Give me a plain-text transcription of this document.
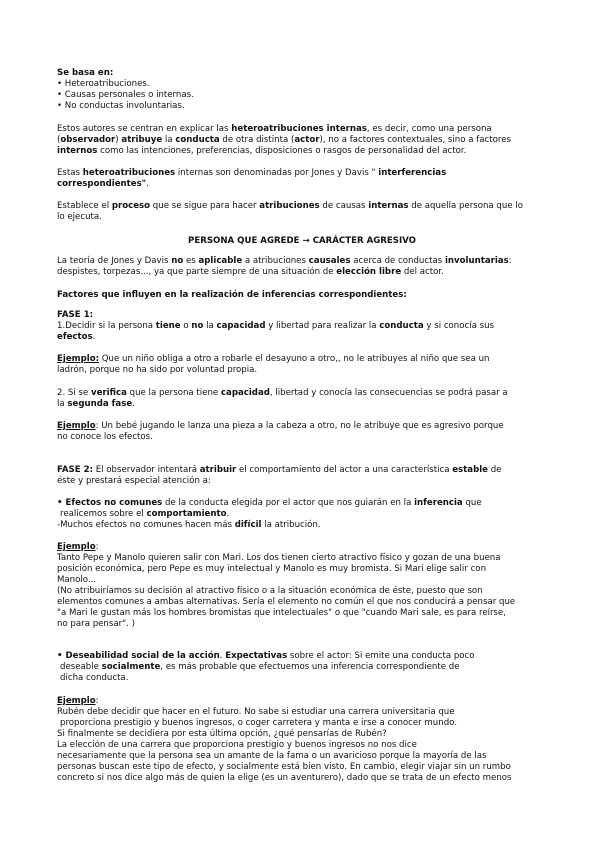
Se basa en:
• Heteroatribuciones.
• Causas personales o internas.
• No conductas involuntarias.
Estos autores se centran en explicar las heteroatribuciones internas, es decir, como una persona
(observador) atribuye la conducta de otra distinta (actor), no a factores contextuales, sino a factores
internos como las intenciones, preferencias, disposiciones o rasgos de personalidad del actor.
Estas heteroatribuciones internas son denominadas por Jones y Davis " interferencias
correspondientes".
Establece el proceso que se sigue para hacer atribuciones de causas internas de aquella persona que lo
lo ejecuta.
PERSONA QUE AGREDE → CARÁCTER AGRESIVO
La teoría de Jones y Davis no es aplicable a atribuciones causales acerca de conductas involuntarias:
despistes, torpezas..., ya que parte siempre de una situación de elección libre del actor.
Factores que influyen en la realización de inferencias correspondientes:
FASE 1:
1.Decidir si la persona tiene o no la capacidad y libertad para realizar la conducta y si conocía sus
efectos.
Ejemplo: Que un niño obliga a otro a robarle el desayuno a otro,, no le atribuyes al niño que sea un
ladrón, porque no ha sido por voluntad propia.
2. Si se verifica que la persona tiene capacidad, libertad y conocía las consecuencias se podrá pasar a
la segunda fase.
Ejemplo: Un bebé jugando le lanza una pieza a la cabeza a otro, no le atribuye que es agresivo porque
no conoce los efectos.
FASE 2: El observador intentará atribuir el comportamiento del actor a una característica estable de
éste y prestará especial atención a:
• Efectos no comunes de la conducta elegida por el actor que nos guiarán en la inferencia que
realicemos sobre el comportamiento.
-Muchos efectos no comunes hacen más difícil la atribución.
Ejemplo:
Tanto Pepe y Manolo quieren salir con Mari. Los dos tienen cierto atractivo físico y gozan de una buena
posición económica, pero Pepe es muy intelectual y Manolo es muy bromista. Si Mari elige salir con
Manolo...
(No atribuiríamos su decisión al atractivo físico o a la situación económica de éste, puesto que son
elementos comunes a ambas alternativas. Sería el elemento no común el que nos conducirá a pensar que
"a Mari le gustan más los hombres bromistas que intelectuales" o que "cuando Mari sale, es para reírse,
no para pensar". )
• Deseabilidad social de la acción. Expectativas sobre el actor: Si emite una conducta poco
deseable socialmente, es más probable que efectuemos una inferencia correspondiente de
dicha conducta.
Ejemplo:
Rubén debe decidir que hacer en el futuro. No sabe si estudiar una carrera universitaria que
proporciona prestigio y buenos ingresos, o coger carretera y manta e irse a conocer mundo.
Si finalmente se decidiera por esta última opción, ¿qué pensarías de Rubén?
La elección de una carrera que proporciona prestigio y buenos ingresos no nos dice
necesariamente que la persona sea un amante de la fama o un avaricioso porque la mayoría de las
personas buscan este tipo de efecto, y socialmente está bien visto. En cambio, elegir viajar sin un rumbo
concreto si nos dice algo más de quien la elige (es un aventurero), dado que se trata de un efecto menos
